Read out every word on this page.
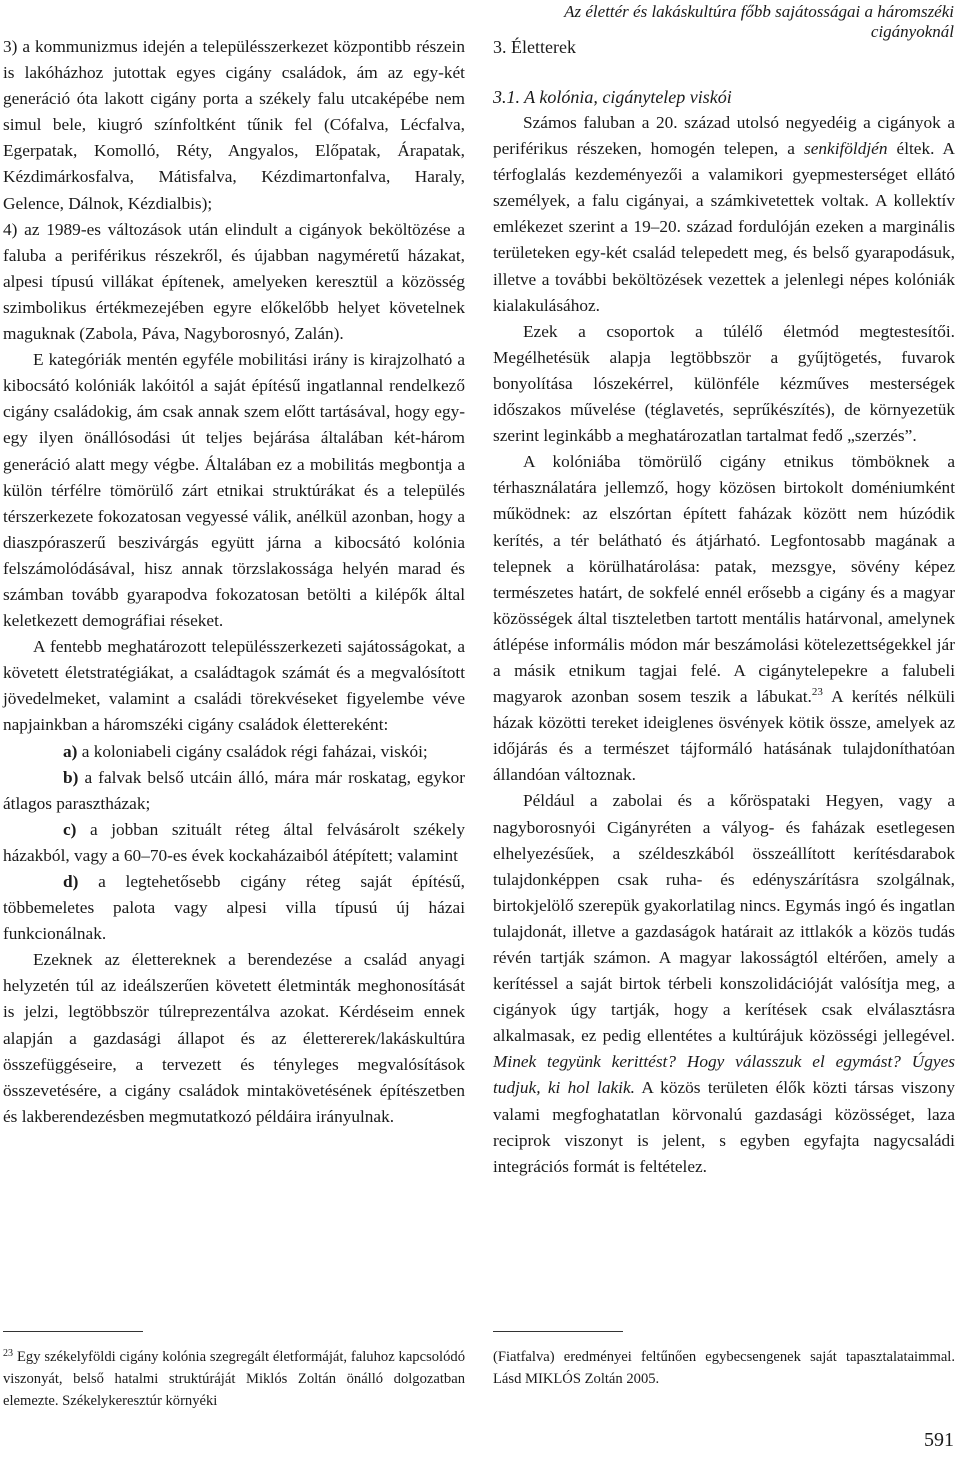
Az élettér és lakáskultúra főbb sajátosságai a háromszéki cigányoknál

3) a kommunizmus idején a településszerkezet központibb részein is lakóházhoz jutottak egyes cigány családok, ám az egy-két generáció óta lakott cigány porta a székely falu utcaképébe nem simul bele, kiugró színfoltként tűnik fel (Cófalva, Lécfalva, Egerpatak, Komolló, Réty, Angyalos, Előpatak, Árapatak, Kézdimárkosfalva, Mátisfalva, Kézdimartonfalva, Haraly, Gelence, Dálnok, Kézdialbis);

4) az 1989-es változások után elindult a cigányok beköltözése a faluba a periférikus részekről, és újabban nagyméretű házakat, alpesi típusú villákat építenek, amelyeken keresztül a közösség szimbolikus értékmezejében egyre előkelőbb helyet követelnek maguknak (Zabola, Páva, Nagyborosnyó, Zalán).

E kategóriák mentén egyféle mobilitási irány is kirajzolható a kibocsátó kolóniák lakóitól a saját építésű ingatlannal rendelkező cigány családokig, ám csak annak szem előtt tartásával, hogy egy-egy ilyen önállósodási út teljes bejárása általában két-három generáció alatt megy végbe. Általában ez a mobilitás megbontja a külön térfélre tömörülő zárt etnikai struktúrákat és a település térszerkezete fokozatosan vegyessé válik, anélkül azonban, hogy a diaszpóraszerű beszivárgás együtt járna a kibocsátó kolónia felszámolódásával, hisz annak törzslakossága helyén marad és számban tovább gyarapodva fokozatosan betölti a kilépők által keletkezett demográfiai réseket.

A fentebb meghatározott településszerkezeti sajátosságokat, a követett életstratégiákat, a családtagok számát és a megvalósított jövedelmeket, valamint a családi törekvéseket figyelembe véve napjainkban a háromszéki cigány családok élettereként:

a) a koloniabeli cigány családok régi faházai, viskói;

b) a falvak belső utcáin álló, mára már roskatag, egykor átlagos parasztházak;

c) a jobban szituált réteg által felvásárolt székely házakból, vagy a 60–70-es évek kockaházaiból átépített; valamint

d) a legtehetősebb cigány réteg saját építésű, többemeletes palota vagy alpesi villa típusú új házai funkcionálnak.

Ezeknek az élettereknek a berendezése a család anyagi helyzetén túl az ideálszerűen követett életminták meghonosítását is jelzi, legtöbbször túlreprezentálva azokat. Kérdéseim ennek alapján a gazdasági állapot és az élettererek/lakáskultúra összefüggéseire, a tervezett és tényleges megvalósítások összevetésére, a cigány családok mintakövetésének építészetben és lakberendezésben megmutatkozó példáira irányulnak.

3. Életterek
3.1. A kolónia, cigánytelep viskói

Számos faluban a 20. század utolsó negyedéig a cigányok a periférikus részeken, homogén telepen, a senkiföldjén éltek. A térfoglalás kezdeményezői a valamikori gyepmesterséget ellátó személyek, a falu cigányai, a számkivetettek voltak. A kollektív emlékezet szerint a 19–20. század fordulóján ezeken a marginális területeken egy-két család telepedett meg, és belső gyarapodásuk, illetve a további beköltözések vezettek a jelenlegi népes kolóniák kialakulásához.

Ezek a csoportok a túlélő életmód megtestesítői. Megélhetésük alapja legtöbbször a gyűjtögetés, fuvarok bonyolítása lószekérrel, különféle kézműves mesterségek időszakos művelése (téglavetés, seprűkészítés), de környezetük szerint leginkább a meghatározatlan tartalmat fedő „szerzés”.

A kolóniába tömörülő cigány etnikus tömböknek a térhasználatára jellemző, hogy közösen birtokolt doméniumként működnek: az elszórtan épített faházak között nem húzódik kerítés, a tér belátható és átjárható. Legfontosabb magának a telepnek a körülhatárolása: patak, mezsgye, sövény képez természetes határt, de sokfelé ennél erősebb a cigány és a magyar közösségek által tiszteletben tartott mentális határvonal, amelynek átlépése informális módon már beszámolási kötelezettségekkel jár a másik etnikum tagjai felé. A cigánytelepekre a falubeli magyarok azonban sosem teszik a lábukat.$^{23}$ A kerítés nélküli házak közötti tereket ideiglenes ösvények kötik össze, amelyek az időjárás és a természet tájformáló hatásának tulajdoníthatóan állandóan változnak.

Például a zabolai és a kőröspataki Hegyen, vagy a nagyborosnyói Cigányréten a vályog- és faházak esetlegesen elhelyezésűek, a széldeszkából összeállított kerítésdarabok tulajdonképpen csak ruha- és edényszárításra szolgálnak, birtokjelölő szerepük gyakorlatilag nincs. Egymás ingó és ingatlan tulajdonát, illetve a gazdaságok határait az ittlakók a közös tudás révén tartják számon. A magyar lakosságtól eltérően, amely a kerítéssel a saját birtok térbeli konszolidációját valósítja meg, a cigányok úgy tartják, hogy a kerítések csak elválasztásra alkalmasak, ez pedig ellentétes a kultúrájuk közösségi jellegével. Minek tegyünk kerittést? Hogy válasszuk el egymást? Úgyes tudjuk, ki hol lakik. A közös területen élők közti társas viszony valami megfoghatatlan körvonalú gazdasági közösséget, laza reciprok viszonyt is jelent, s egyben egyfajta nagycsaládi integrációs formát is feltételez.

$^{23}$ Egy székelyföldi cigány kolónia szegregált életformáját, faluhoz kapcsolódó viszonyát, belső hatalmi struktúráját Miklós Zoltán önálló dolgozatban elemezte. Székelykeresztúr környéki
(Fiatfalva) eredményei feltűnően egybecsengenek saját tapasztalataimmal. Lásd MIKLÓS Zoltán 2005.
591
